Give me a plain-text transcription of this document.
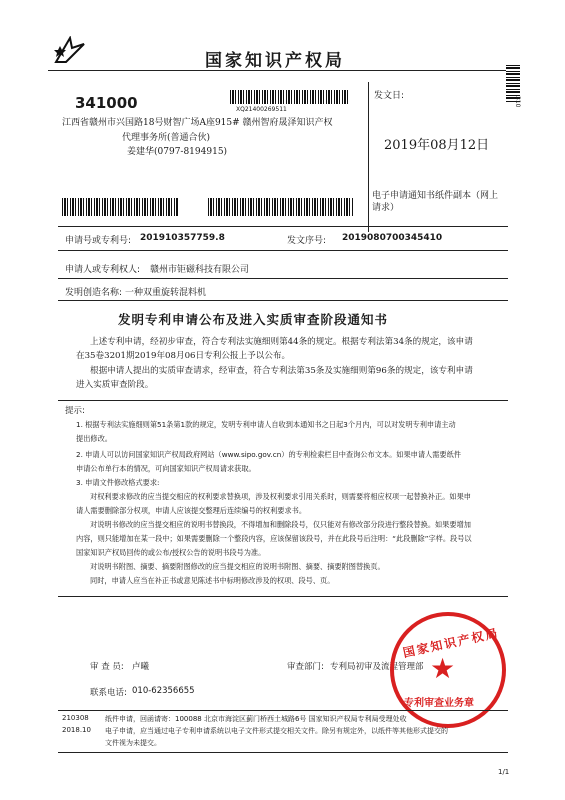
国家知识产权局
341000	XQ21400269511
江西省赣州市兴国路18号财智广场A座915# 赣州智府晟泽知识产权
代理事务所(普通合伙)
姜建华(0797-8194915)
发文日:
2019年08月12日
电子申请通知书纸件副本（网上请求）
310
申请号或专利号: 201910357759.8	发文序号: 2019080700345410
申请人或专利权人: 赣州市钜磁科技有限公司
发明创造名称: 一种双重旋转混料机
发明专利申请公布及进入实质审查阶段通知书
上述专利申请，经初步审查，符合专利法实施细则第44条的规定。根据专利法第34条的规定，该申请
在35卷3201期2019年08月06日专利公报上予以公布。
根据申请人提出的实质审查请求，经审查，符合专利法第35条及实施细则第96条的规定，该专利申请
进入实质审查阶段。
提示:
1. 根据专利法实施细则第51条第1款的规定，发明专利申请人自收到本通知书之日起3个月内，可以对发明专利申请主动
提出修改。
2. 申请人可以访问国家知识产权局政府网站（www.sipo.gov.cn）的专利检索栏目中查询公布文本。如果申请人需要纸件
申请公布单行本的情况，可向国家知识产权局请求获取。
3. 申请文件修改格式要求:
对权利要求修改的应当提交相应的权利要求替换项，涉及权利要求引用关系时，则需要将相应权项一起替换补正。如果申
请人需要删除部分权项，申请人应该提交整理后连续编号的权利要求书。
对说明书修改的应当提交相应的说明书替换段，不得增加和删除段号，仅只能对有修改部分段进行整段替换。如果要增加
内容，则只能增加在某一段中；如果需要删除一个整段内容，应该保留该段号，并在此段号后注明：“此段删除”字样。段号以
国家知识产权局回传的或公布/授权公告的说明书段号为准。
对说明书附图、摘要、摘要附图修改的应当提交相应的说明书附图、摘要、摘要附图替换页。
同时，申请人应当在补正书或意见陈述书中标明修改涉及的权项、段号、页。
审 查 员: 卢曦	审查部门: 专利局初审及流程管理部
联系电话: 010-62356655
国家知识产权局
★
专利审查业务章
210308
2018.10
纸件申请，回函请寄：100088 北京市海淀区蓟门桥西土城路6号 国家知识产权局专利局受理处收
电子申请，应当通过电子专利申请系统以电子文件形式提交相关文件。除另有规定外，以纸件等其他形式提交的
文件视为未提交。
1/1
